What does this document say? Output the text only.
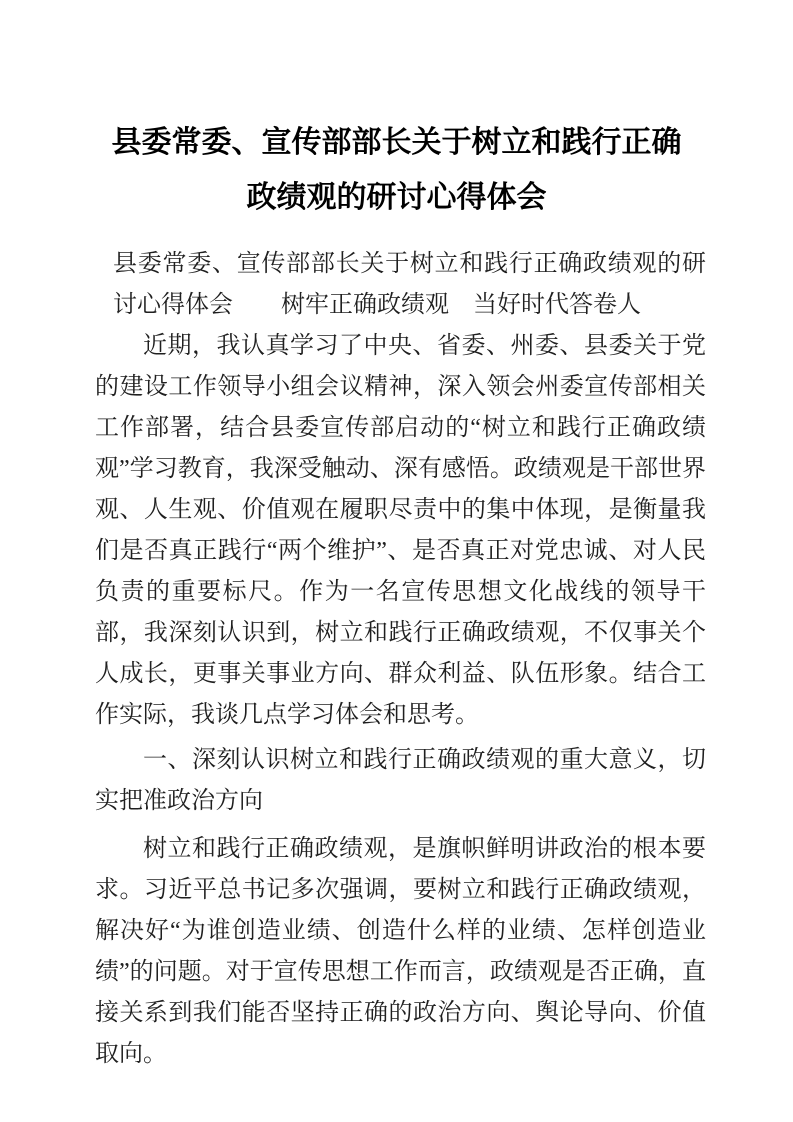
县委常委、宣传部部长关于树立和践行正确
政绩观的研讨心得体会

县委常委、宣传部部长关于树立和践行正确政绩观的研讨心得体会　　树牢正确政绩观　当好时代答卷人

近期，我认真学习了中央、省委、州委、县委关于党的建设工作领导小组会议精神，深入领会州委宣传部相关工作部署，结合县委宣传部启动的“树立和践行正确政绩观”学习教育，我深受触动、深有感悟。政绩观是干部世界观、人生观、价值观在履职尽责中的集中体现，是衡量我们是否真正践行“两个维护”、是否真正对党忠诚、对人民负责的重要标尺。作为一名宣传思想文化战线的领导干部，我深刻认识到，树立和践行正确政绩观，不仅事关个人成长，更事关事业方向、群众利益、队伍形象。结合工作实际，我谈几点学习体会和思考。

一、深刻认识树立和践行正确政绩观的重大意义，切实把准政治方向

树立和践行正确政绩观，是旗帜鲜明讲政治的根本要求。习近平总书记多次强调，要树立和践行正确政绩观，解决好“为谁创造业绩、创造什么样的业绩、怎样创造业绩”的问题。对于宣传思想工作而言，政绩观是否正确，直接关系到我们能否坚持正确的政治方向、舆论导向、价值取向。
